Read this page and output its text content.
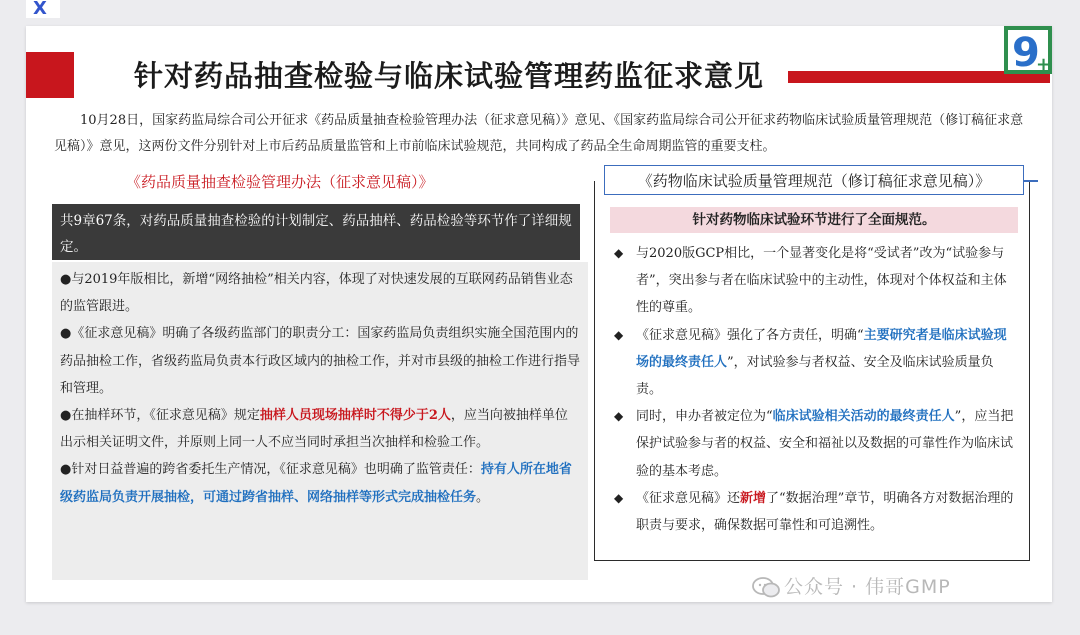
X
针对药品抽查检验与临床试验管理药监征求意见	9
+
10月28日，国家药监局综合司公开征求《药品质量抽查检验管理办法（征求意见稿）》意见、《国家药监局综合司公开征求药物临床试验质量管理规范（修订稿征求意见稿）》意见，这两份文件分别针对上市后药品质量监管和上市前临床试验规范，共同构成了药品全生命周期监管的重要支柱。
《药品质量抽查检验管理办法（征求意见稿）》
共9章67条，对药品质量抽查检验的计划制定、药品抽样、药品检验等环节作了详细规定。

●与2019年版相比，新增“网络抽检”相关内容，体现了对快速发展的互联网药品销售业态的监管跟进。

●《征求意见稿》明确了各级药监部门的职责分工：国家药监局负责组织实施全国范围内的药品抽检工作，省级药监局负责本行政区域内的抽检工作，并对市县级的抽检工作进行指导和管理。

●在抽样环节，《征求意见稿》规定抽样人员现场抽样时不得少于2人，应当向被抽样单位出示相关证明文件，并原则上同一人不应当同时承担当次抽样和检验工作。

●针对日益普遍的跨省委托生产情况，《征求意见稿》也明确了监管责任：持有人所在地省级药监局负责开展抽检，可通过跨省抽样、网络抽样等形式完成抽检任务。

《药物临床试验质量管理规范（修订稿征求意见稿）》
针对药物临床试验环节进行了全面规范。
◆ 与2020版GCP相比，一个显著变化是将“受试者”改为“试验参与者”，突出参与者在临床试验中的主动性，体现对个体权益和主体性的尊重。
◆ 《征求意见稿》强化了各方责任，明确“主要研究者是临床试验现场的最终责任人”，对试验参与者权益、安全及临床试验质量负责。
◆ 同时，申办者被定位为“临床试验相关活动的最终责任人”，应当把保护试验参与者的权益、安全和福祉以及数据的可靠性作为临床试验的基本考虑。
◆ 《征求意见稿》还新增了“数据治理”章节，明确各方对数据治理的职责与要求，确保数据可靠性和可追溯性。
公众号 · 伟哥GMP
